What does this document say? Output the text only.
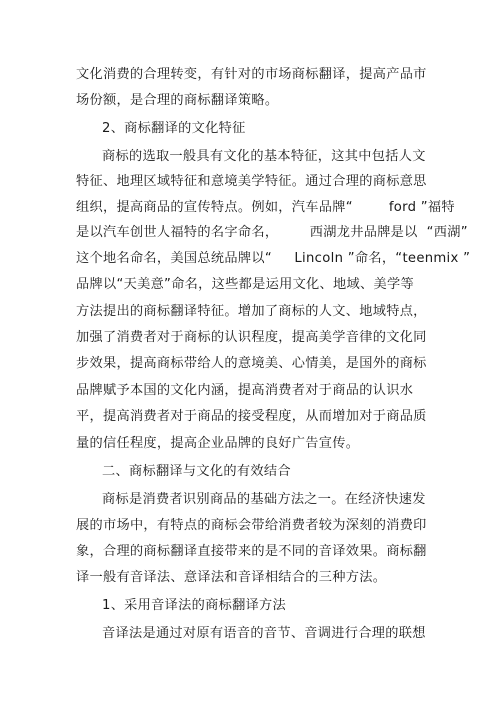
文化消费的合理转变，有针对的市场商标翻译，提高产品市
场份额，是合理的商标翻译策略。
2、商标翻译的文化特征
商标的选取一般具有文化的基本特征，这其中包括人文
特征、地理区域特征和意境美学特征。通过合理的商标意思
组织，提高商品的宣传特点。例如，汽车品牌“        ford ”福特
是以汽车创世人福特的名字命名，       西湖龙井品牌是以  “西湖”
这个地名命名，美国总统品牌以“     Lincoln ”命名，“teenmix ”
品牌以“天美意”命名，这些都是运用文化、地域、美学等
方法提出的商标翻译特征。增加了商标的人文、地域特点，
加强了消费者对于商标的认识程度，提高美学音律的文化同
步效果，提高商标带给人的意境美、心情美，是国外的商标
品牌赋予本国的文化内涵，提高消费者对于商品的认识水
平，提高消费者对于商品的接受程度，从而增加对于商品质
量的信任程度，提高企业品牌的良好广告宣传。
二、商标翻译与文化的有效结合
商标是消费者识别商品的基础方法之一。在经济快速发
展的市场中，有特点的商标会带给消费者较为深刻的消费印
象，合理的商标翻译直接带来的是不同的音译效果。商标翻
译一般有音译法、意译法和音译相结合的三种方法。
1、采用音译法的商标翻译方法
音译法是通过对原有语音的音节、音调进行合理的联想
